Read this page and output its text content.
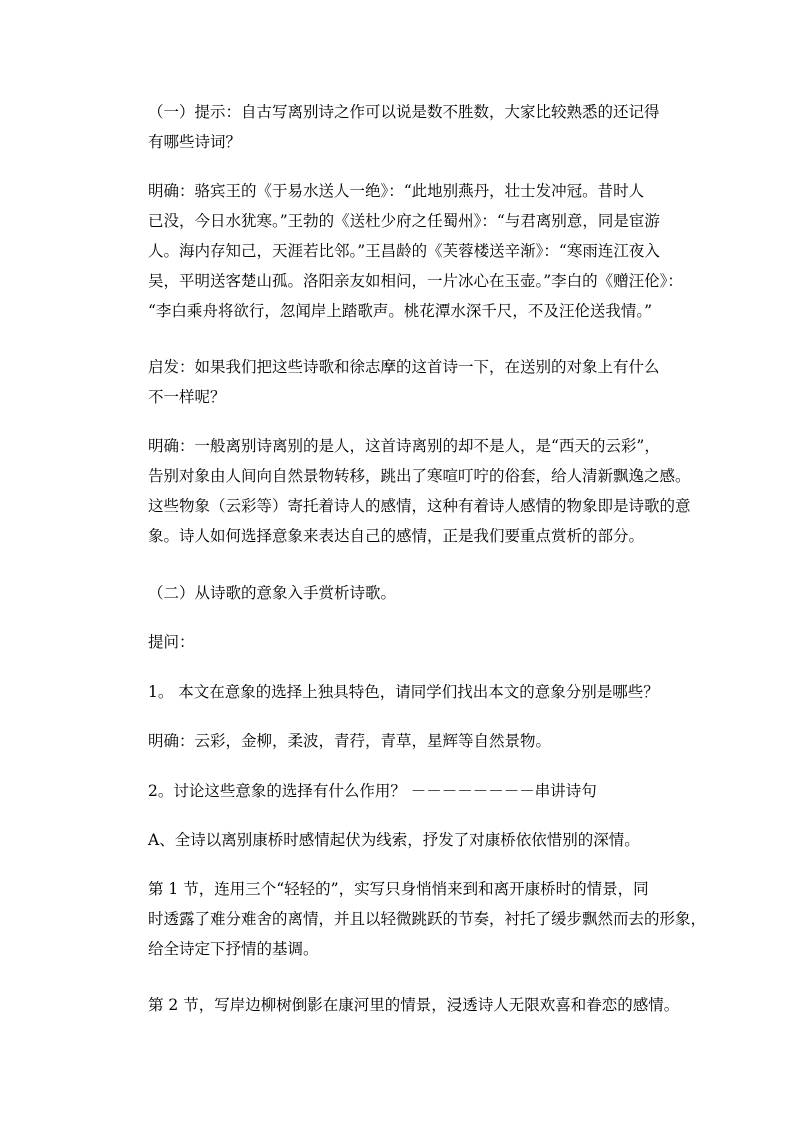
（一）提示：自古写离别诗之作可以说是数不胜数，大家比较熟悉的还记得
有哪些诗词？
明确：骆宾王的《于易水送人一绝》：“此地别燕丹，壮士发冲冠。昔时人
已没，今日水犹寒。”王勃的《送杜少府之任蜀州》：“与君离别意，同是宦游
人。海内存知己，天涯若比邻。”王昌龄的《芙蓉楼送辛渐》：“寒雨连江夜入
吴，平明送客楚山孤。洛阳亲友如相问，一片冰心在玉壶。”李白的《赠汪伦》：
“李白乘舟将欲行，忽闻岸上踏歌声。桃花潭水深千尺，不及汪伦送我情。”
启发：如果我们把这些诗歌和徐志摩的这首诗一下，在送别的对象上有什么
不一样呢？
明确：一般离别诗离别的是人，这首诗离别的却不是人，是“西天的云彩”，
告别对象由人间向自然景物转移，跳出了寒喧叮咛的俗套，给人清新飘逸之感。
这些物象（云彩等）寄托着诗人的感情，这种有着诗人感情的物象即是诗歌的意
象。诗人如何选择意象来表达自己的感情，正是我们要重点赏析的部分。
（二）从诗歌的意象入手赏析诗歌。
提问：
1。 本文在意象的选择上独具特色，请同学们找出本文的意象分别是哪些？
明确：云彩，金柳，柔波，青荇，青草，星辉等自然景物。
2。讨论这些意象的选择有什么作用？ －－－－－－－－串讲诗句
A、全诗以离别康桥时感情起伏为线索，抒发了对康桥依依惜别的深情。
第 1 节，连用三个“轻轻的”，实写只身悄悄来到和离开康桥时的情景，同
时透露了难分难舍的离情，并且以轻微跳跃的节奏，衬托了缓步飘然而去的形象，
给全诗定下抒情的基调。
第 2 节，写岸边柳树倒影在康河里的情景，浸透诗人无限欢喜和眷恋的感情。
